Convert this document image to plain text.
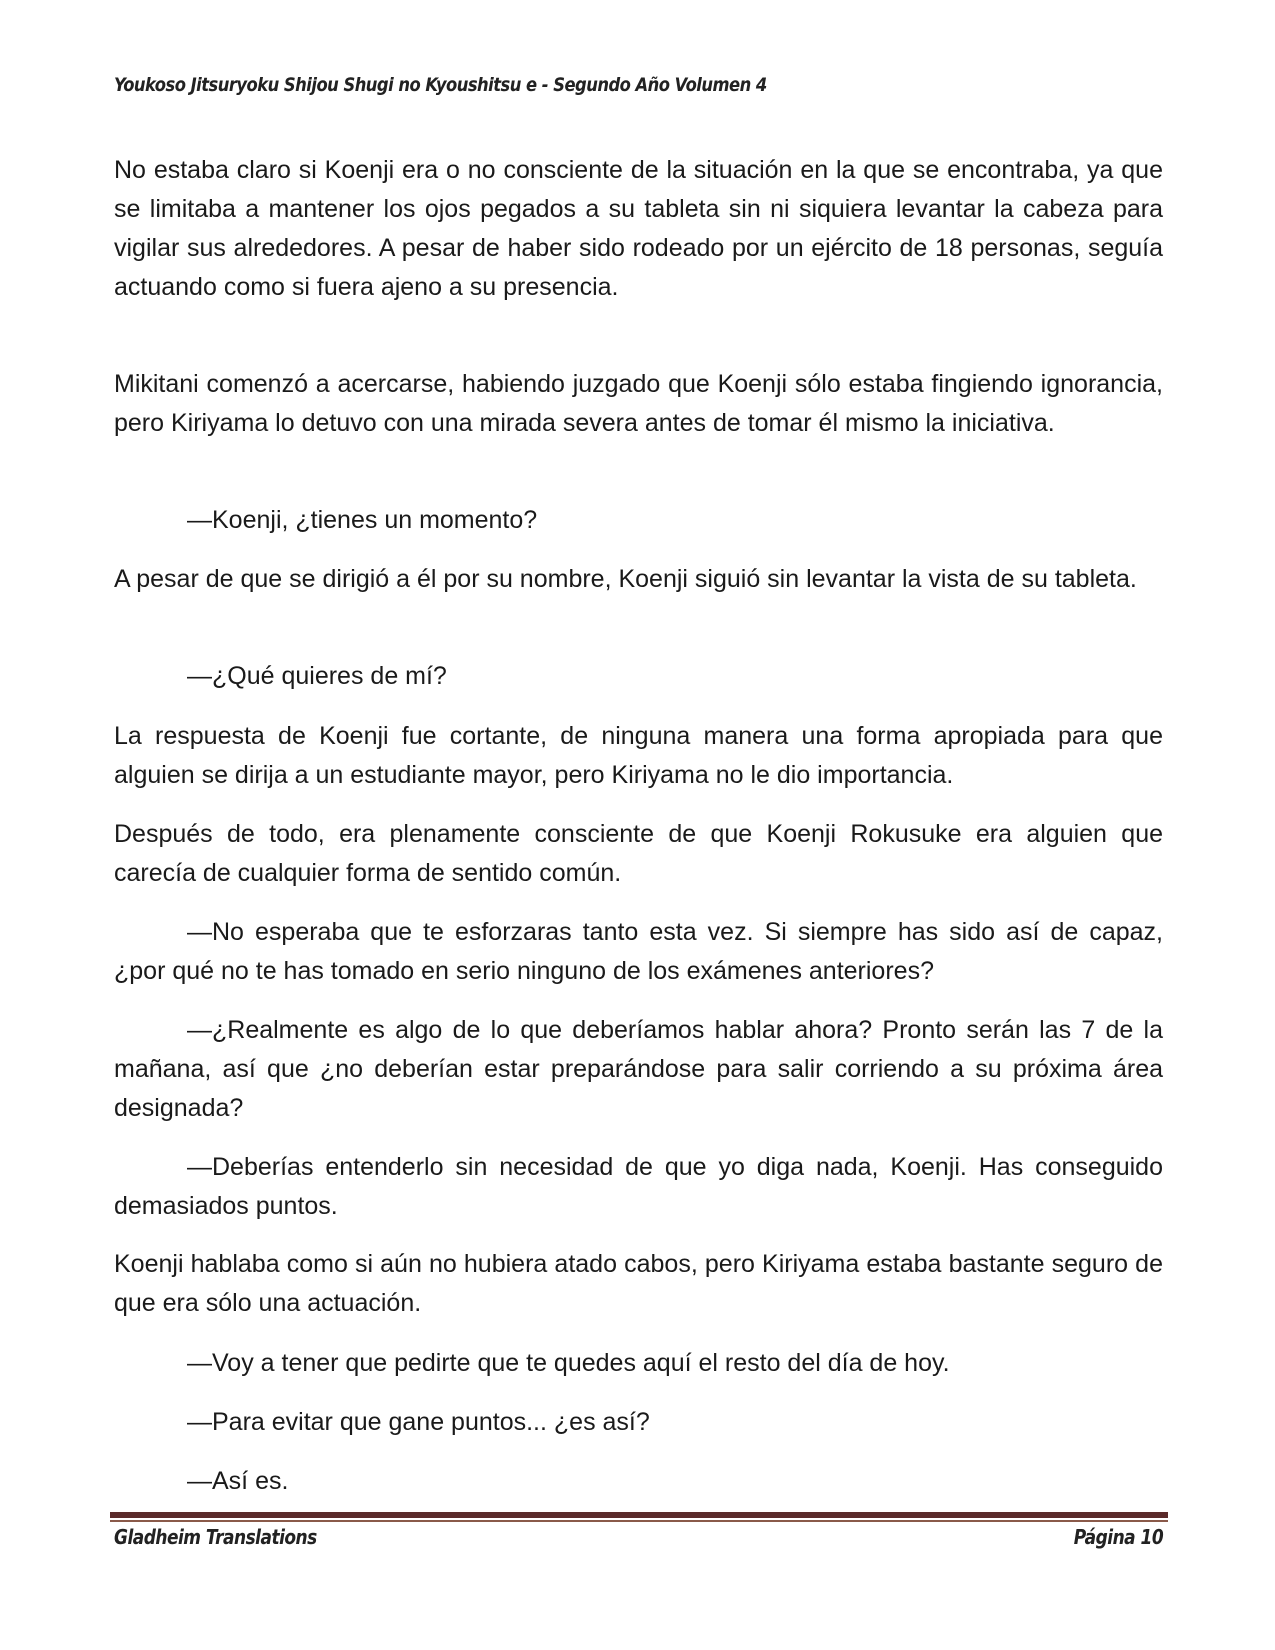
Youkoso Jitsuryoku Shijou Shugi no Kyoushitsu e - Segundo Año Volumen 4
No estaba claro si Koenji era o no consciente de la situación en la que se encontraba, ya que se limitaba a mantener los ojos pegados a su tableta sin ni siquiera levantar la cabeza para vigilar sus alrededores. A pesar de haber sido rodeado por un ejército de 18 personas, seguía actuando como si fuera ajeno a su presencia.
Mikitani comenzó a acercarse, habiendo juzgado que Koenji sólo estaba fingiendo ignorancia, pero Kiriyama lo detuvo con una mirada severa antes de tomar él mismo la iniciativa.
—Koenji, ¿tienes un momento?
A pesar de que se dirigió a él por su nombre, Koenji siguió sin levantar la vista de su tableta.
—¿Qué quieres de mí?
La respuesta de Koenji fue cortante, de ninguna manera una forma apropiada para que alguien se dirija a un estudiante mayor, pero Kiriyama no le dio importancia.
Después de todo, era plenamente consciente de que Koenji Rokusuke era alguien que carecía de cualquier forma de sentido común.
—No esperaba que te esforzaras tanto esta vez. Si siempre has sido así de capaz, ¿por qué no te has tomado en serio ninguno de los exámenes anteriores?
—¿Realmente es algo de lo que deberíamos hablar ahora? Pronto serán las 7 de la mañana, así que ¿no deberían estar preparándose para salir corriendo a su próxima área designada?
—Deberías entenderlo sin necesidad de que yo diga nada, Koenji. Has conseguido demasiados puntos.
Koenji hablaba como si aún no hubiera atado cabos, pero Kiriyama estaba bastante seguro de que era sólo una actuación.
—Voy a tener que pedirte que te quedes aquí el resto del día de hoy.
—Para evitar que gane puntos... ¿es así?
—Así es.
Gladheim Translations	Página 10
